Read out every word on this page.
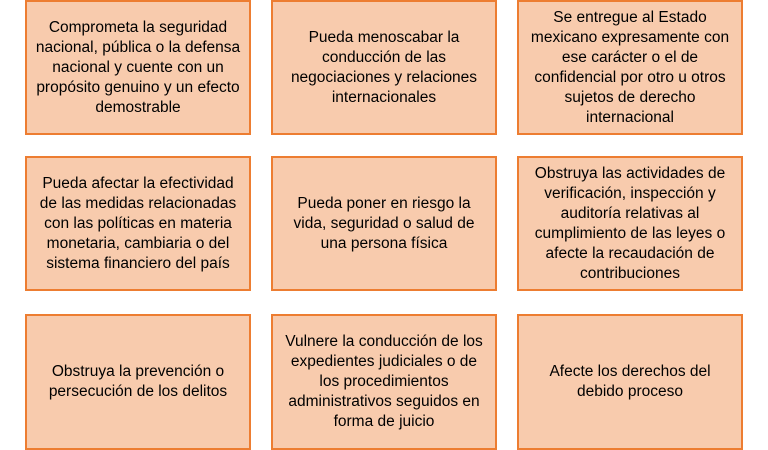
Comprometa la seguridad nacional, pública o la defensa nacional y cuente con un propósito genuino y un efecto demostrable
Pueda menoscabar la conducción de las negociaciones y relaciones internacionales
Se entregue al Estado mexicano expresamente con ese carácter o el de confidencial por otro u otros sujetos de derecho internacional
Pueda afectar la efectividad de las medidas relacionadas con las políticas en materia monetaria, cambiaria o del sistema financiero del país
Pueda poner en riesgo la vida, seguridad o salud de una persona física
Obstruya las actividades de verificación, inspección y auditoría relativas al cumplimiento de las leyes o afecte la recaudación de contribuciones
Obstruya la prevención o persecución de los delitos
Vulnere la conducción de los expedientes judiciales o de los procedimientos administrativos seguidos en forma de juicio
Afecte los derechos del debido proceso
